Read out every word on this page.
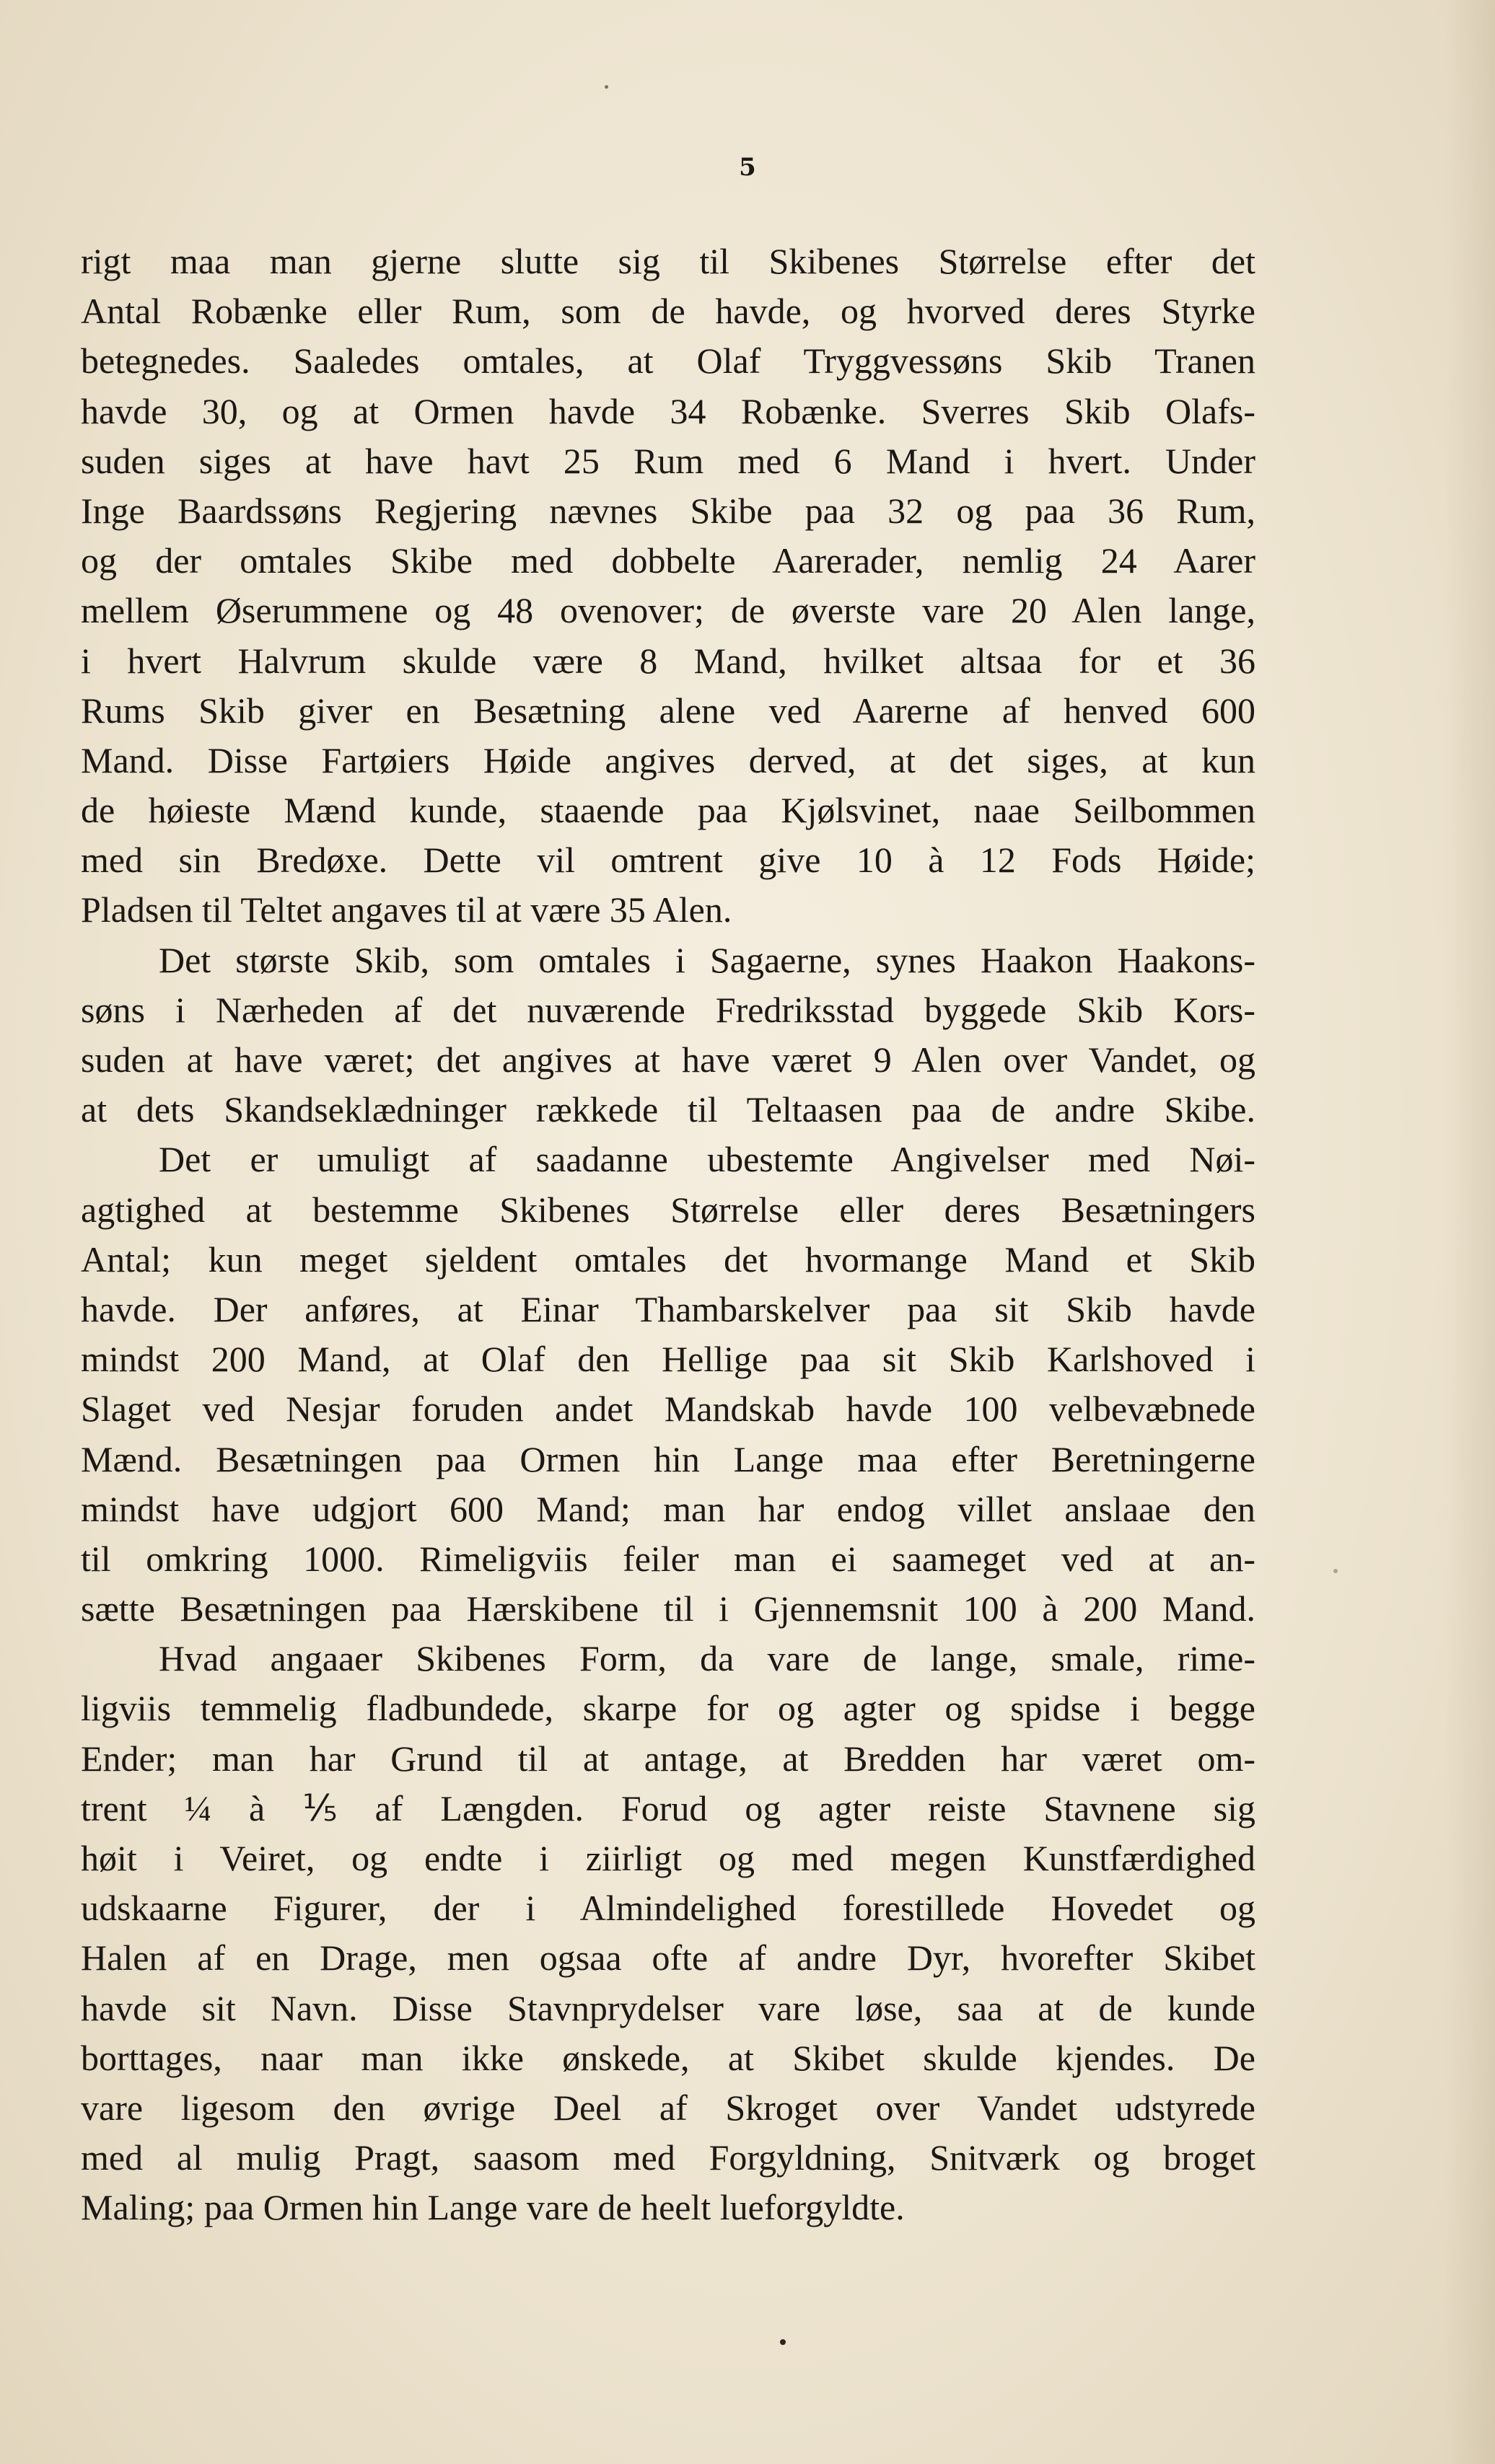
5
rigt maa man gjerne slutte sig til Skibenes Størrelse efter det
Antal Robænke eller Rum, som de havde, og hvorved deres Styrke
betegnedes. Saaledes omtales, at Olaf Tryggvessøns Skib Tranen
havde 30, og at Ormen havde 34 Robænke. Sverres Skib Olafs-
suden siges at have havt 25 Rum med 6 Mand i hvert. Under
Inge Baardssøns Regjering nævnes Skibe paa 32 og paa 36 Rum,
og der omtales Skibe med dobbelte Aarerader, nemlig 24 Aarer
mellem Øserummene og 48 ovenover; de øverste vare 20 Alen lange,
i hvert Halvrum skulde være 8 Mand, hvilket altsaa for et 36
Rums Skib giver en Besætning alene ved Aarerne af henved 600
Mand. Disse Fartøiers Høide angives derved, at det siges, at kun
de høieste Mænd kunde, staaende paa Kjølsvinet, naae Seilbommen
med sin Bredøxe. Dette vil omtrent give 10 à 12 Fods Høide;
Pladsen til Teltet angaves til at være 35 Alen.
Det største Skib, som omtales i Sagaerne, synes Haakon Haakons-
søns i Nærheden af det nuværende Fredriksstad byggede Skib Kors-
suden at have været; det angives at have været 9 Alen over Vandet, og
at dets Skandseklædninger rækkede til Teltaasen paa de andre Skibe.
Det er umuligt af saadanne ubestemte Angivelser med Nøi-
agtighed at bestemme Skibenes Størrelse eller deres Besætningers
Antal; kun meget sjeldent omtales det hvormange Mand et Skib
havde. Der anføres, at Einar Thambarskelver paa sit Skib havde
mindst 200 Mand, at Olaf den Hellige paa sit Skib Karlshoved i
Slaget ved Nesjar foruden andet Mandskab havde 100 velbevæbnede
Mænd. Besætningen paa Ormen hin Lange maa efter Beretningerne
mindst have udgjort 600 Mand; man har endog villet anslaae den
til omkring 1000. Rimeligviis feiler man ei saameget ved at an-
sætte Besætningen paa Hærskibene til i Gjennemsnit 100 à 200 Mand.
Hvad angaaer Skibenes Form, da vare de lange, smale, rime-
ligviis temmelig fladbundede, skarpe for og agter og spidse i begge
Ender; man har Grund til at antage, at Bredden har været om-
trent ¼ à ⅕ af Længden. Forud og agter reiste Stavnene sig
høit i Veiret, og endte i ziirligt og med megen Kunstfærdighed
udskaarne Figurer, der i Almindelighed forestillede Hovedet og
Halen af en Drage, men ogsaa ofte af andre Dyr, hvorefter Skibet
havde sit Navn. Disse Stavnprydelser vare løse, saa at de kunde
borttages, naar man ikke ønskede, at Skibet skulde kjendes. De
vare ligesom den øvrige Deel af Skroget over Vandet udstyrede
med al mulig Pragt, saasom med Forgyldning, Snitværk og broget
Maling; paa Ormen hin Lange vare de heelt lueforgyldte.
